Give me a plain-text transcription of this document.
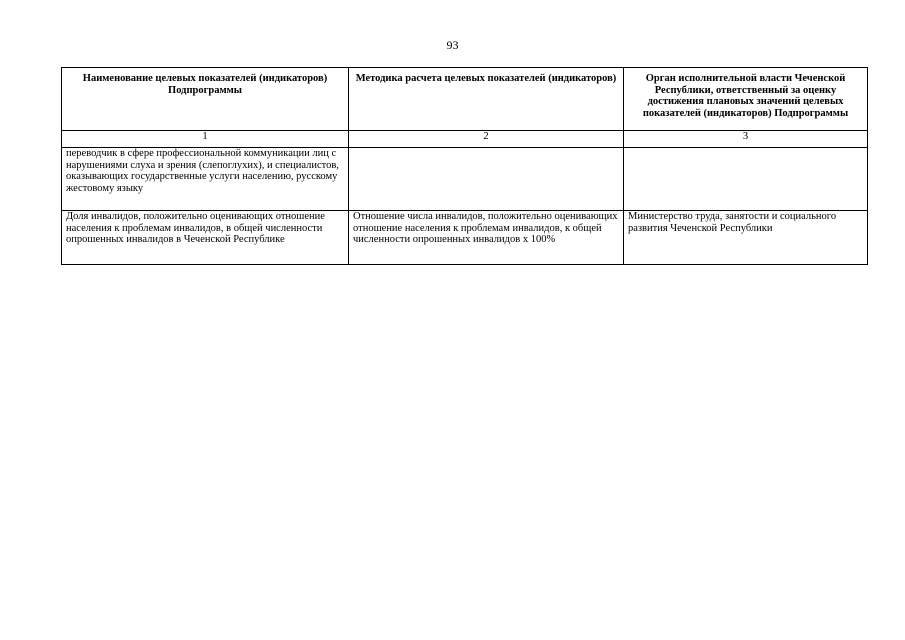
93
Наименование целевых показателей (индикаторов) Подпрограммы	Методика расчета целевых показателей (индикаторов)	Орган исполнительной власти Чеченской Республики, ответственный за оценку достижения плановых значений целевых показателей (индикаторов) Подпрограммы
1	2	3
переводчик в сфере профессиональной коммуникации лиц с нарушениями слуха и зрения (слепоглухих), и специалистов, оказывающих государственные услуги населению, русскому жестовому языку		
Доля инвалидов, положительно оценивающих отношение населения к проблемам инвалидов, в общей численности опрошенных инвалидов в Чеченской Республике	Отношение числа инвалидов, положительно оценивающих отношение населения к проблемам инвалидов, к общей численности опрошенных инвалидов x 100%	Министерство труда, занятости и социального развития Чеченской Республики
